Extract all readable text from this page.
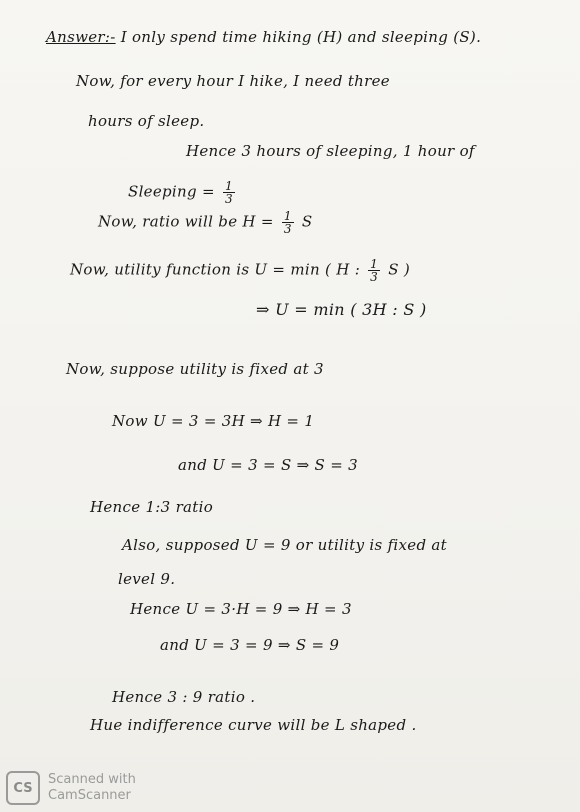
Answer:- I only spend time hiking (H) and sleeping (S).
Now, for every hour I hike, I need three
hours of sleep.
Hence 3 hours of sleeping, 1 hour of
Sleeping = $\frac{1}{3}$
Now, ratio will be $H = \frac{1}{3}$ S
Now, utility function is U = min ( H : $\frac{1}{3}$ S )
⇒ U = min ( 3H : S )
Now, suppose utility is fixed at 3
Now U = 3 = 3H ⇒ H = 1
and U = 3 = S ⇒ S = 3
Hence 1:3 ratio
Also, supposed U = 9 or utility is fixed at
level 9.
Hence U = 3·H = 9 ⇒ H = 3
and U = 3 = 9 ⇒ S = 9
Hence 3 : 9 ratio .
Hue indifference curve will be L shaped .
CS
Scanned with
CamScanner
